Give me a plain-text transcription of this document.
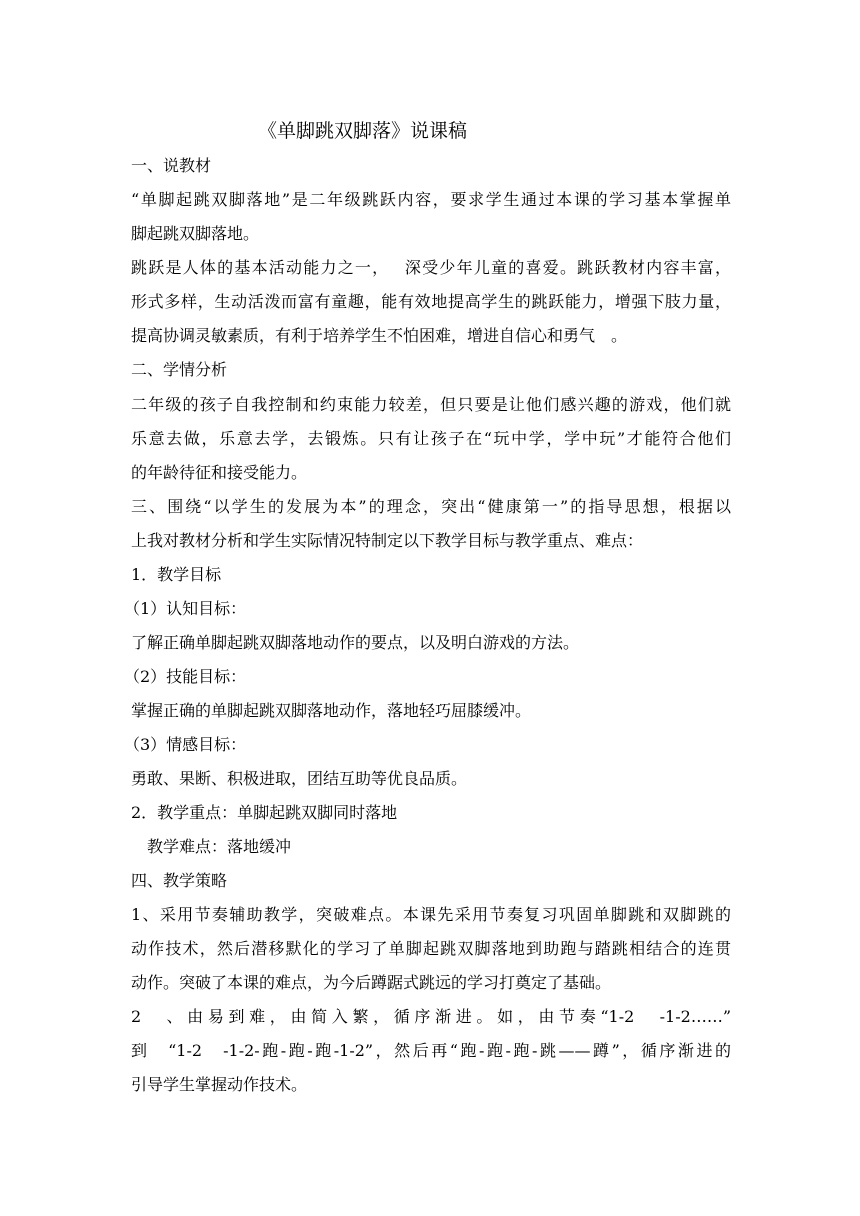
《单脚跳双脚落》说课稿
一、说教材
“单脚起跳双脚落地”是二年级跳跃内容，要求学生通过本课的学习基本掌握单
脚起跳双脚落地。
跳跃是人体的基本活动能力之一，　 深受少年儿童的喜爱。跳跃教材内容丰富，
形式多样，生动活泼而富有童趣，能有效地提高学生的跳跃能力，增强下肢力量，
提高协调灵敏素质，有利于培养学生不怕困难，增进自信心和勇气　。
二、学情分析
二年级的孩子自我控制和约束能力较差，但只要是让他们感兴趣的游戏，他们就
乐意去做，乐意去学，去锻炼。只有让孩子在“玩中学，学中玩”才能符合他们
的年龄待征和接受能力。
三、围绕“以学生的发展为本”的理念，突出“健康第一”的指导思想，根据以
上我对教材分析和学生实际情况特制定以下教学目标与教学重点、难点：
1．教学目标
（1）认知目标：
了解正确单脚起跳双脚落地动作的要点，以及明白游戏的方法。
（2）技能目标：
掌握正确的单脚起跳双脚落地动作，落地轻巧屈膝缓冲。
（3）情感目标：
勇敢、果断、积极进取，团结互助等优良品质。
2．教学重点：单脚起跳双脚同时落地
　教学难点：落地缓冲
四、教学策略
1、采用节奏辅助教学，突破难点。本课先采用节奏复习巩固单脚跳和双脚跳的
动作技术，然后潜移默化的学习了单脚起跳双脚落地到助跑与踏跳相结合的连贯
动作。突破了本课的难点，为今后蹲踞式跳远的学习打奠定了基础。
2　、由易到难，由简入繁，循序渐进。如，由节奏“1-2　-1-2……”
到　“1-2　-1-2-跑-跑-跑-1-2”，然后再“跑-跑-跑-跳——蹲”，循序渐进的
引导学生掌握动作技术。
